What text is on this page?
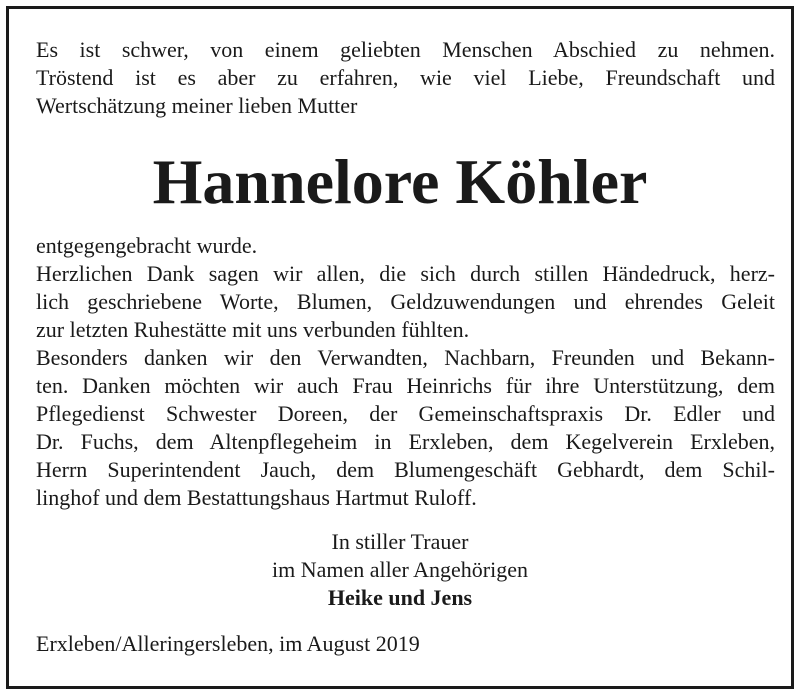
Es ist schwer, von einem geliebten Menschen Abschied zu nehmen.
Tröstend ist es aber zu erfahren, wie viel Liebe, Freundschaft und
Wertschätzung meiner lieben Mutter
Hannelore Köhler
entgegengebracht wurde.
Herzlichen Dank sagen wir allen, die sich durch stillen Händedruck, herz-
lich geschriebene Worte, Blumen, Geldzuwendungen und ehrendes Geleit
zur letzten Ruhestätte mit uns verbunden fühlten.
Besonders danken wir den Verwandten, Nachbarn, Freunden und Bekann-
ten. Danken möchten wir auch Frau Heinrichs für ihre Unterstützung, dem
Pflegedienst Schwester Doreen, der Gemeinschaftspraxis Dr. Edler und
Dr. Fuchs, dem Altenpflegeheim in Erxleben, dem Kegelverein Erxleben,
Herrn Superintendent Jauch, dem Blumengeschäft Gebhardt, dem Schil-
linghof und dem Bestattungshaus Hartmut Ruloff.
In stiller Trauer
im Namen aller Angehörigen
Heike und Jens
Erxleben/Alleringersleben, im August 2019
